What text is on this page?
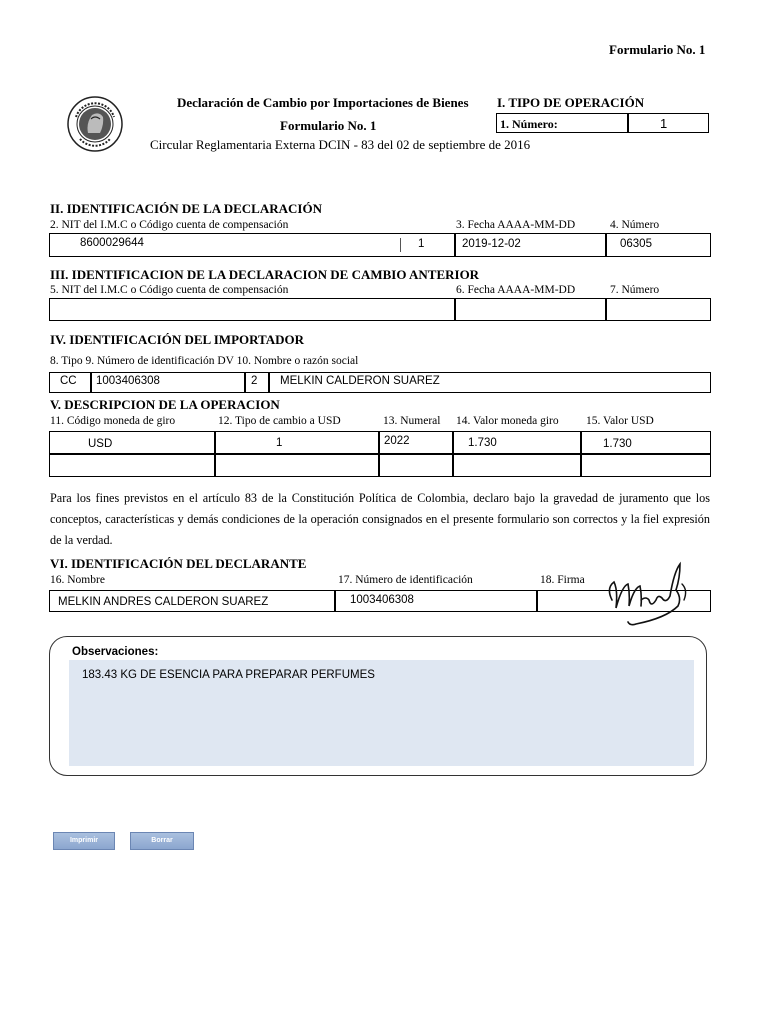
Formulario No. 1
Declaración de Cambio por Importaciones de Bienes
Formulario No. 1
Circular Reglamentaria Externa DCIN - 83 del 02 de septiembre de 2016
I. TIPO DE OPERACIÓN
1. Número:	1
II. IDENTIFICACIÓN DE LA DECLARACIÓN
2. NIT del I.M.C o Código cuenta de compensación	3. Fecha AAAA-MM-DD	4. Número
8600029644	1	2019-12-02	06305
III. IDENTIFICACION DE LA DECLARACION DE CAMBIO ANTERIOR
5. NIT del I.M.C o Código cuenta de compensación	6. Fecha AAAA-MM-DD	7. Número
IV. IDENTIFICACIÓN DEL IMPORTADOR
8. Tipo 9. Número de identificación DV 10. Nombre o razón social
CC 1003406308	2 MELKIN CALDERON SUAREZ
V. DESCRIPCION DE LA OPERACION
11. Código moneda de giro	12. Tipo de cambio a USD	13. Numeral 14. Valor moneda giro 15. Valor USD
USD	1	2022	1.730	1.730
Para los fines previstos en el artículo 83 de la Constitución Política de Colombia, declaro bajo la gravedad de juramento que los conceptos, características y demás condiciones de la operación consignados en el presente formulario son correctos y la fiel expresión de la verdad.
VI. IDENTIFICACIÓN DEL DECLARANTE
16. Nombre	17. Número de identificación	18. Firma
MELKIN ANDRES CALDERON SUAREZ	1003406308
Observaciones:
183.43 KG DE ESENCIA PARA PREPARAR PERFUMES
Imprimir	Borrar
